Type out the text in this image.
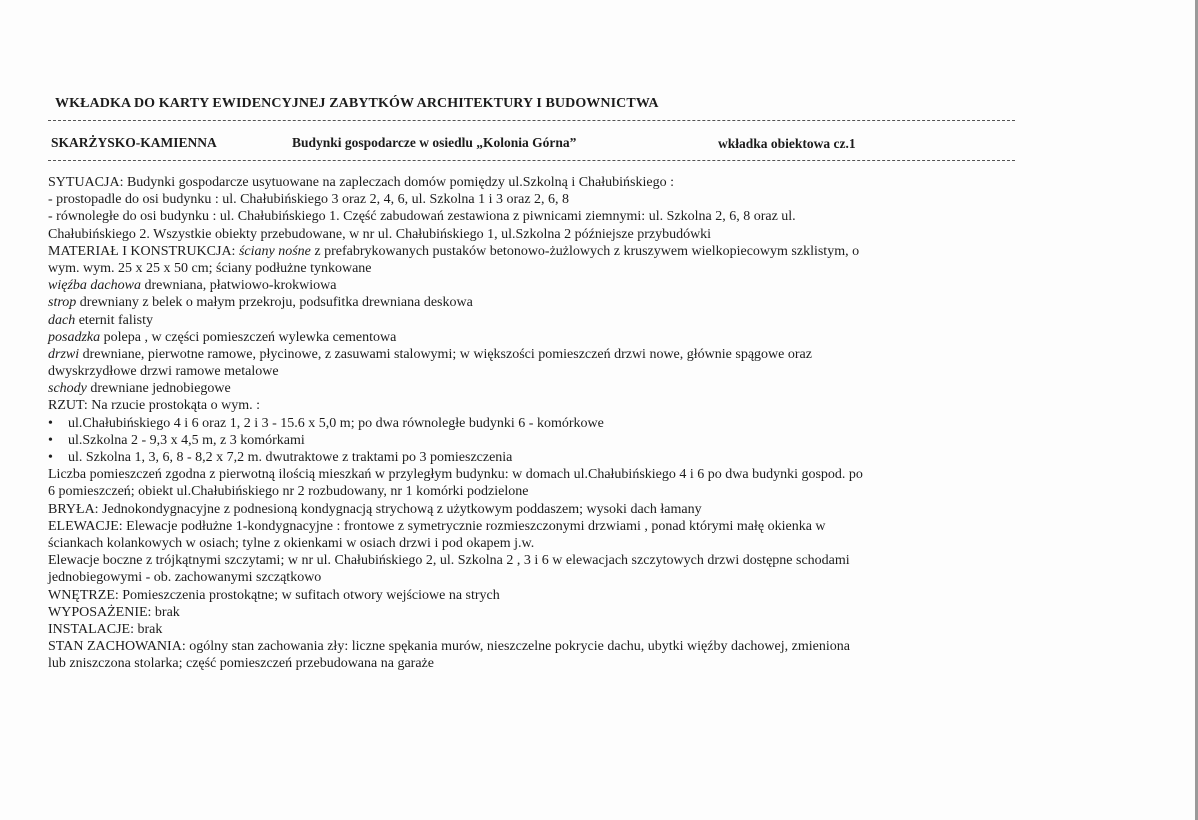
WKŁADKA DO KARTY EWIDENCYJNEJ ZABYTKÓW ARCHITEKTURY I BUDOWNICTWA
SKARŻYSKO-KAMIENNA	Budynki gospodarcze w osiedlu „Kolonia Górna”	wkładka obiektowa cz.1
SYTUACJA: Budynki gospodarcze usytuowane na zapleczach domów pomiędzy ul.Szkolną i Chałubińskiego :
- prostopadle do osi budynku : ul. Chałubińskiego 3 oraz 2, 4, 6, ul. Szkolna 1 i 3 oraz 2, 6, 8
- równoległe do osi budynku : ul. Chałubińskiego 1. Część zabudowań zestawiona z piwnicami ziemnymi: ul. Szkolna 2, 6, 8 oraz ul.
Chałubińskiego 2. Wszystkie obiekty przebudowane, w nr ul. Chałubińskiego 1, ul.Szkolna 2 późniejsze przybudówki
MATERIAŁ I KONSTRUKCJA: ściany nośne z prefabrykowanych pustaków betonowo-żużlowych z kruszywem wielkopiecowym szklistym, o
wym. wym. 25 x 25 x 50 cm; ściany podłużne tynkowane
więźba dachowa drewniana, płatwiowo-krokwiowa
strop drewniany z belek o małym przekroju, podsufitka drewniana deskowa
dach eternit falisty
posadzka polepa , w części pomieszczeń wylewka cementowa
drzwi drewniane, pierwotne ramowe, płycinowe, z zasuwami stalowymi; w większości pomieszczeń drzwi nowe, głównie spągowe oraz
dwyskrzydłowe drzwi ramowe metalowe
schody drewniane jednobiegowe
RZUT: Na rzucie prostokąta o wym. :
• ul.Chałubińskiego 4 i 6 oraz 1, 2 i 3 - 15.6 x 5,0 m; po dwa równoległe budynki 6 - komórkowe
• ul.Szkolna 2 - 9,3 x 4,5 m, z 3 komórkami
• ul. Szkolna 1, 3, 6, 8 - 8,2 x 7,2 m. dwutraktowe z traktami po 3 pomieszczenia
Liczba pomieszczeń zgodna z pierwotną ilością mieszkań w przyległym budynku: w domach ul.Chałubińskiego 4 i 6 po dwa budynki gospod. po
6 pomieszczeń; obiekt ul.Chałubińskiego nr 2 rozbudowany, nr 1 komórki podzielone
BRYŁA: Jednokondygnacyjne z podnesioną kondygnacją strychową z użytkowym poddaszem; wysoki dach łamany
ELEWACJE: Elewacje podłużne 1-kondygnacyjne : frontowe z symetrycznie rozmieszczonymi drzwiami , ponad którymi małę okienka w
ściankach kolankowych w osiach; tylne z okienkami w osiach drzwi i pod okapem j.w.
Elewacje boczne z trójkątnymi szczytami; w nr ul. Chałubińskiego 2, ul. Szkolna 2 , 3 i 6 w elewacjach szczytowych drzwi dostępne schodami
jednobiegowymi - ob. zachowanymi szczątkowo
WNĘTRZE: Pomieszczenia prostokątne; w sufitach otwory wejściowe na strych
WYPOSAŻENIE: brak
INSTALACJE: brak
STAN ZACHOWANIA: ogólny stan zachowania zły: liczne spękania murów, nieszczelne pokrycie dachu, ubytki więźby dachowej, zmieniona
lub zniszczona stolarka; część pomieszczeń przebudowana na garaże
